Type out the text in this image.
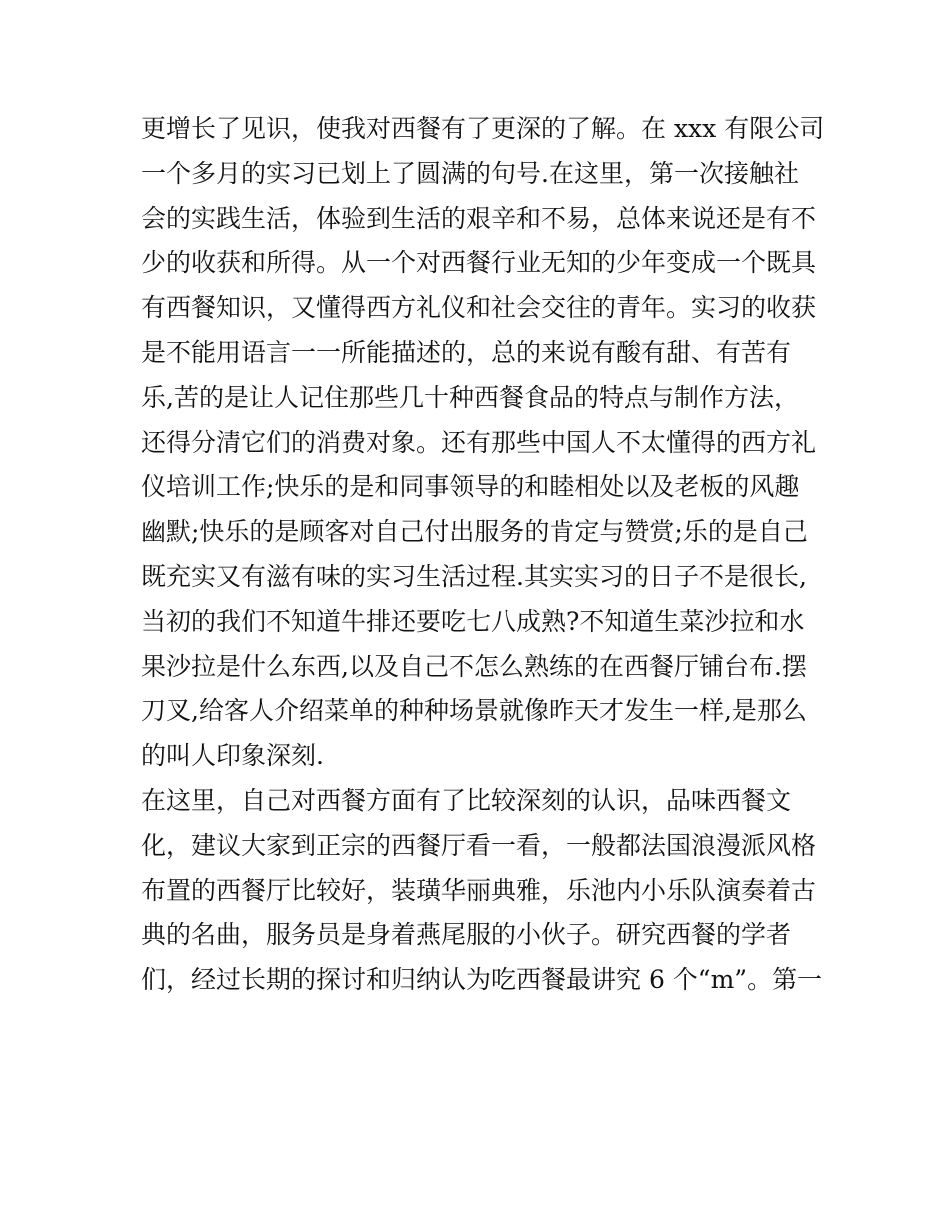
更增长了见识，使我对西餐有了更深的了解。在 xxx 有限公司
一个多月的实习已划上了圆满的句号.在这里，第一次接触社
会的实践生活，体验到生活的艰辛和不易，总体来说还是有不
少的收获和所得。从一个对西餐行业无知的少年变成一个既具
有西餐知识，又懂得西方礼仪和社会交往的青年。实习的收获
是不能用语言一一所能描述的，总的来说有酸有甜、有苦有
乐,苦的是让人记住那些几十种西餐食品的特点与制作方法，
还得分清它们的消费对象。还有那些中国人不太懂得的西方礼
仪培训工作;快乐的是和同事领导的和睦相处以及老板的风趣
幽默;快乐的是顾客对自己付出服务的肯定与赞赏;乐的是自己
既充实又有滋有味的实习生活过程.其实实习的日子不是很长,
当初的我们不知道牛排还要吃七八成熟?不知道生菜沙拉和水
果沙拉是什么东西,以及自己不怎么熟练的在西餐厅铺台布.摆
刀叉,给客人介绍菜单的种种场景就像昨天才发生一样,是那么
的叫人印象深刻.
在这里，自己对西餐方面有了比较深刻的认识，品味西餐文
化，建议大家到正宗的西餐厅看一看，一般都法国浪漫派风格
布置的西餐厅比较好，装璜华丽典雅，乐池内小乐队演奏着古
典的名曲，服务员是身着燕尾服的小伙子。研究西餐的学者
们，经过长期的探讨和归纳认为吃西餐最讲究 6 个“m”。第一
